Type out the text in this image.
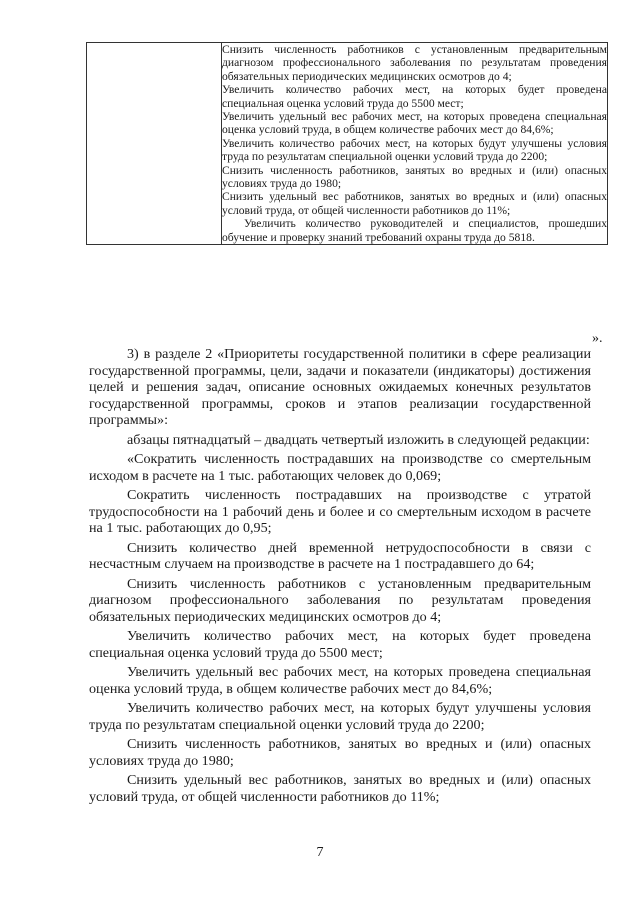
Снизить численность работников с установленным предварительным диагнозом профессионального заболевания по результатам проведения обязательных периодических медицинских осмотров до 4;

Увеличить количество рабочих мест, на которых будет проведена специальная оценка условий труда до 5500 мест;

Увеличить удельный вес рабочих мест, на которых проведена специальная оценка условий труда, в общем количестве рабочих мест до 84,6%;

Увеличить количество рабочих мест, на которых будут улучшены условия труда по результатам специальной оценки условий труда до 2200;

Снизить численность работников, занятых во вредных и (или) опасных условиях труда до 1980;

Снизить удельный вес работников, занятых во вредных и (или) опасных условий труда, от общей численности работников до 11%;

Увеличить количество руководителей и специалистов, прошедших обучение и проверку знаний требований охраны труда до 5818.

».

3) в разделе 2 «Приоритеты государственной политики в сфере реализации государственной программы, цели, задачи и показатели (индикаторы) достижения целей и решения задач, описание основных ожидаемых конечных результатов государственной программы, сроков и этапов реализации государственной программы»:

абзацы пятнадцатый – двадцать четвертый изложить в следующей редакции:

«Сократить численность пострадавших на производстве со смертельным исходом в расчете на 1 тыс. работающих человек до 0,069;

Сократить численность пострадавших на производстве с утратой трудоспособности на 1 рабочий день и более и со смертельным исходом в расчете на 1 тыс. работающих до 0,95;

Снизить количество дней временной нетрудоспособности в связи с несчастным случаем на производстве в расчете на 1 пострадавшего до 64;

Снизить численность работников с установленным предварительным диагнозом профессионального заболевания по результатам проведения обязательных периодических медицинских осмотров до 4;

Увеличить количество рабочих мест, на которых будет проведена специальная оценка условий труда до 5500 мест;

Увеличить удельный вес рабочих мест, на которых проведена специальная оценка условий труда, в общем количестве рабочих мест до 84,6%;

Увеличить количество рабочих мест, на которых будут улучшены условия труда по результатам специальной оценки условий труда до 2200;

Снизить численность работников, занятых во вредных и (или) опасных условиях труда до 1980;

Снизить удельный вес работников, занятых во вредных и (или) опасных условий труда, от общей численности работников до 11%;

7
